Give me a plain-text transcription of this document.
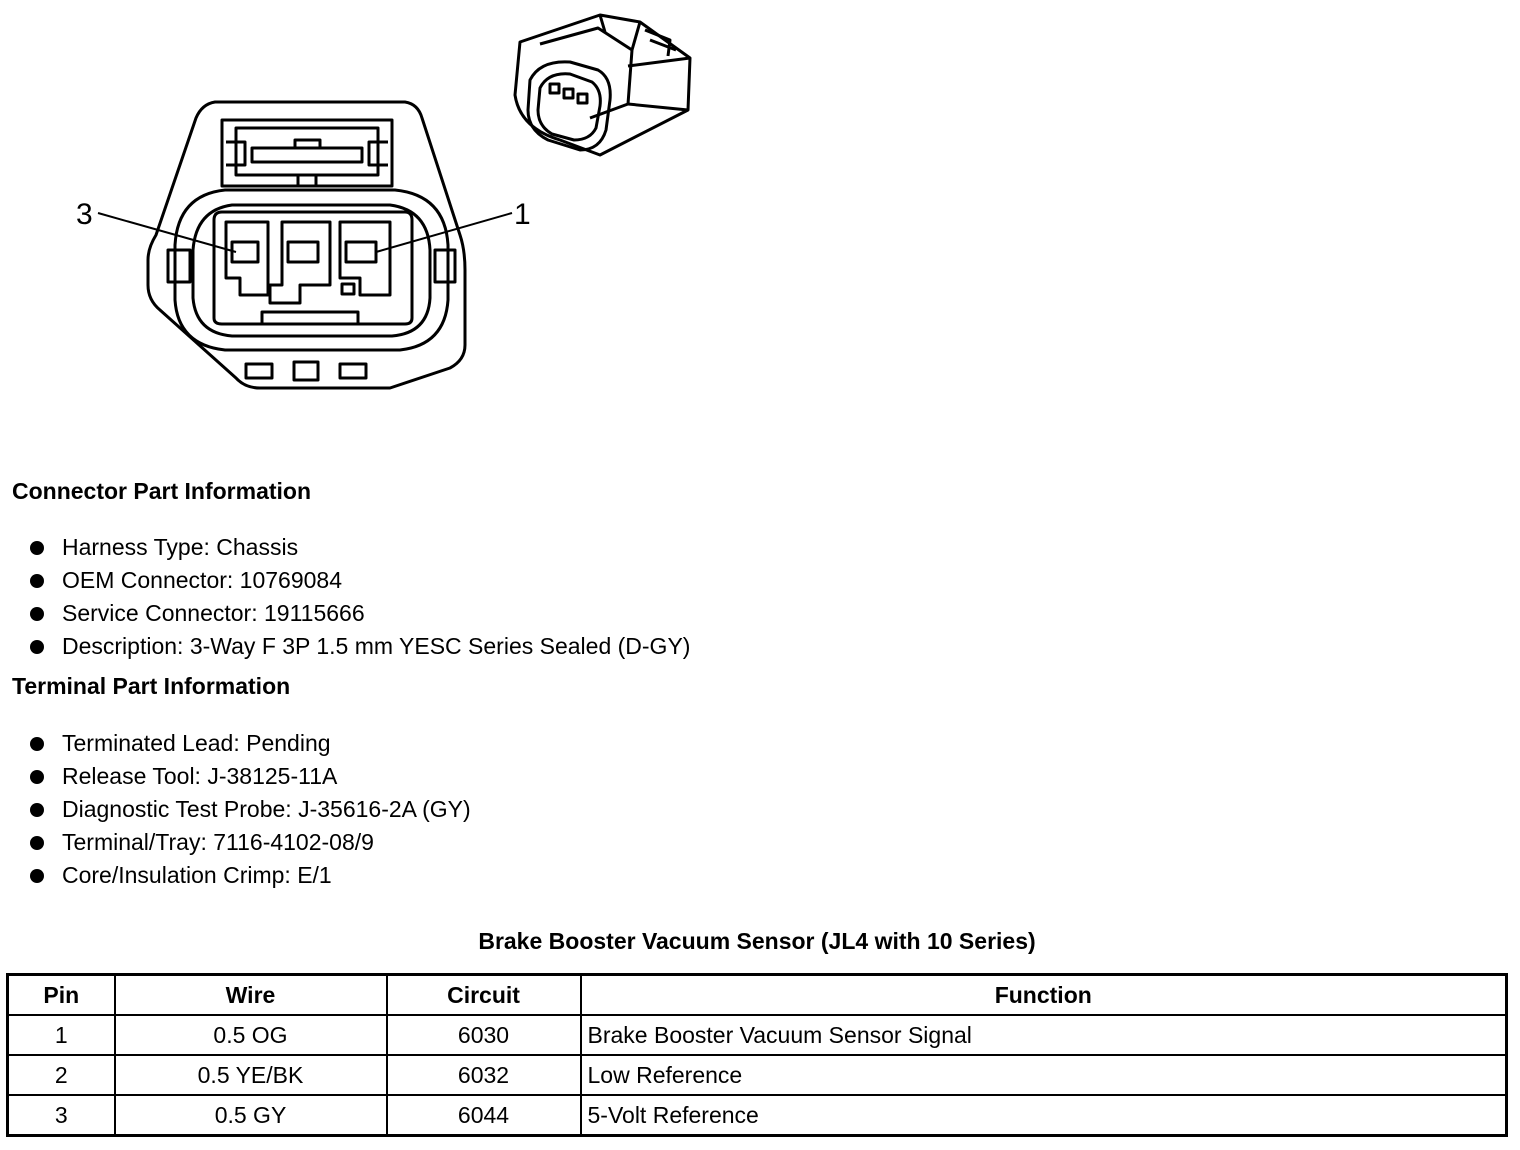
3	1
Connector Part Information
Harness Type: Chassis
OEM Connector: 10769084
Service Connector: 19115666
Description: 3-Way F 3P 1.5 mm YESC Series Sealed (D-GY)
Terminal Part Information
Terminated Lead: Pending
Release Tool: J-38125-11A
Diagnostic Test Probe: J-35616-2A (GY)
Terminal/Tray: 7116-4102-08/9
Core/Insulation Crimp: E/1
Brake Booster Vacuum Sensor (JL4 with 10 Series)
Pin	Wire	Circuit	Function
1	0.5 OG	6030	Brake Booster Vacuum Sensor Signal
2	0.5 YE/BK	6032	Low Reference
3	0.5 GY	6044	5-Volt Reference
